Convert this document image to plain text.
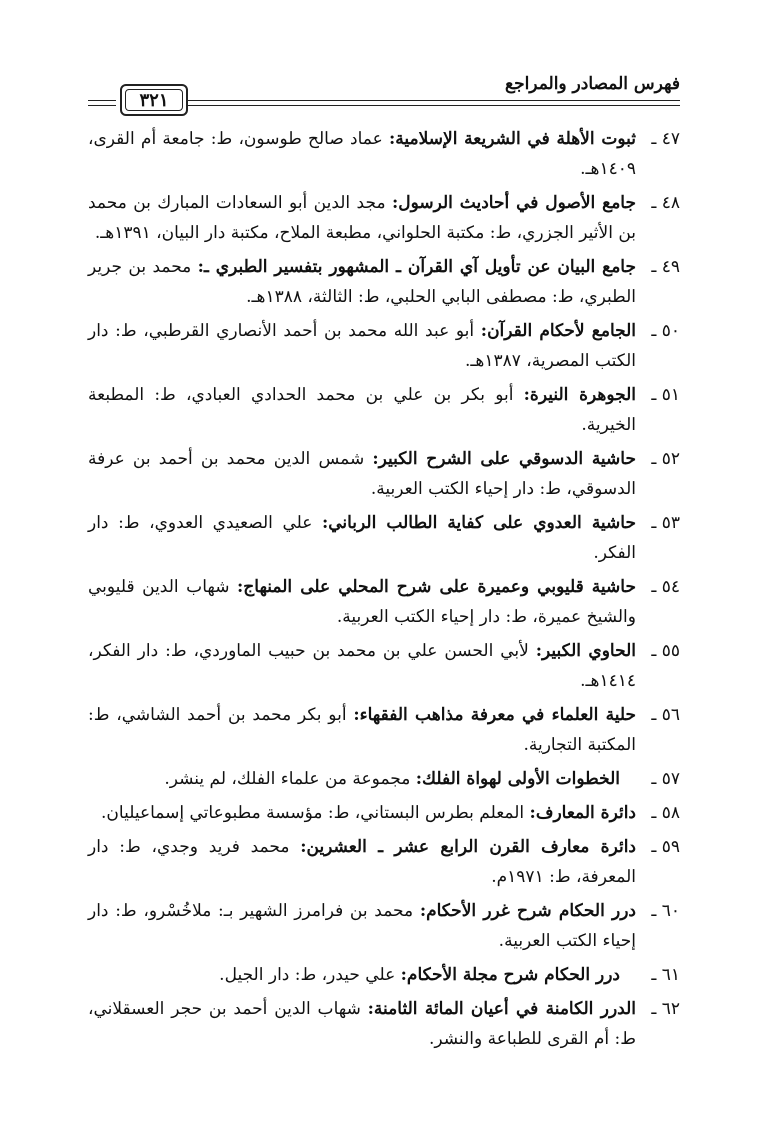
فهرس المصادر والمراجع
٣٢١
٤٧ ـ
ثبوت الأهلة في الشريعة الإسلامية: عماد صالح طوسون، ط: جامعة أم القرى، ١٤٠٩هـ.
٤٨ ـ
جامع الأصول في أحاديث الرسول: مجد الدين أبو السعادات المبارك بن محمد بن الأثير الجزري، ط: مكتبة الحلواني، مطبعة الملاح، مكتبة دار البيان، ١٣٩١هـ.
٤٩ ـ
جامع البيان عن تأويل آي القرآن ـ المشهور بتفسير الطبري ـ: محمد بن جرير الطبري، ط: مصطفى البابي الحلبي، ط: الثالثة، ١٣٨٨هـ.
٥٠ ـ
الجامع لأحكام القرآن: أبو عبد الله محمد بن أحمد الأنصاري القرطبي، ط: دار الكتب المصرية، ١٣٨٧هـ.
٥١ ـ
الجوهرة النيرة: أبو بكر بن علي بن محمد الحدادي العبادي، ط: المطبعة الخيرية.
٥٢ ـ
حاشية الدسوقي على الشرح الكبير: شمس الدين محمد بن أحمد بن عرفة الدسوقي، ط: دار إحياء الكتب العربية.
٥٣ ـ
حاشية العدوي على كفاية الطالب الرباني: علي الصعيدي العدوي، ط: دار الفكر.
٥٤ ـ
حاشية قليوبي وعميرة على شرح المحلي على المنهاج: شهاب الدين قليوبي والشيخ عميرة، ط: دار إحياء الكتب العربية.
٥٥ ـ
الحاوي الكبير: لأبي الحسن علي بن محمد بن حبيب الماوردي، ط: دار الفكر، ١٤١٤هـ.
٥٦ ـ
حلية العلماء في معرفة مذاهب الفقهاء: أبو بكر محمد بن أحمد الشاشي، ط: المكتبة التجارية.
٥٧ ـ
الخطوات الأولى لهواة الفلك: مجموعة من علماء الفلك، لم ينشر.
٥٨ ـ
دائرة المعارف: المعلم بطرس البستاني، ط: مؤسسة مطبوعاتي إسماعيليان.
٥٩ ـ
دائرة معارف القرن الرابع عشر ـ العشرين: محمد فريد وجدي، ط: دار المعرفة، ط: ١٩٧١م.
٦٠ ـ
درر الحكام شرح غرر الأحكام: محمد بن فرامرز الشهير بـ: ملاخُسْرو، ط: دار إحياء الكتب العربية.
٦١ ـ
درر الحكام شرح مجلة الأحكام: علي حيدر، ط: دار الجيل.
٦٢ ـ
الدرر الكامنة في أعيان المائة الثامنة: شهاب الدين أحمد بن حجر العسقلاني، ط: أم القرى للطباعة والنشر.
